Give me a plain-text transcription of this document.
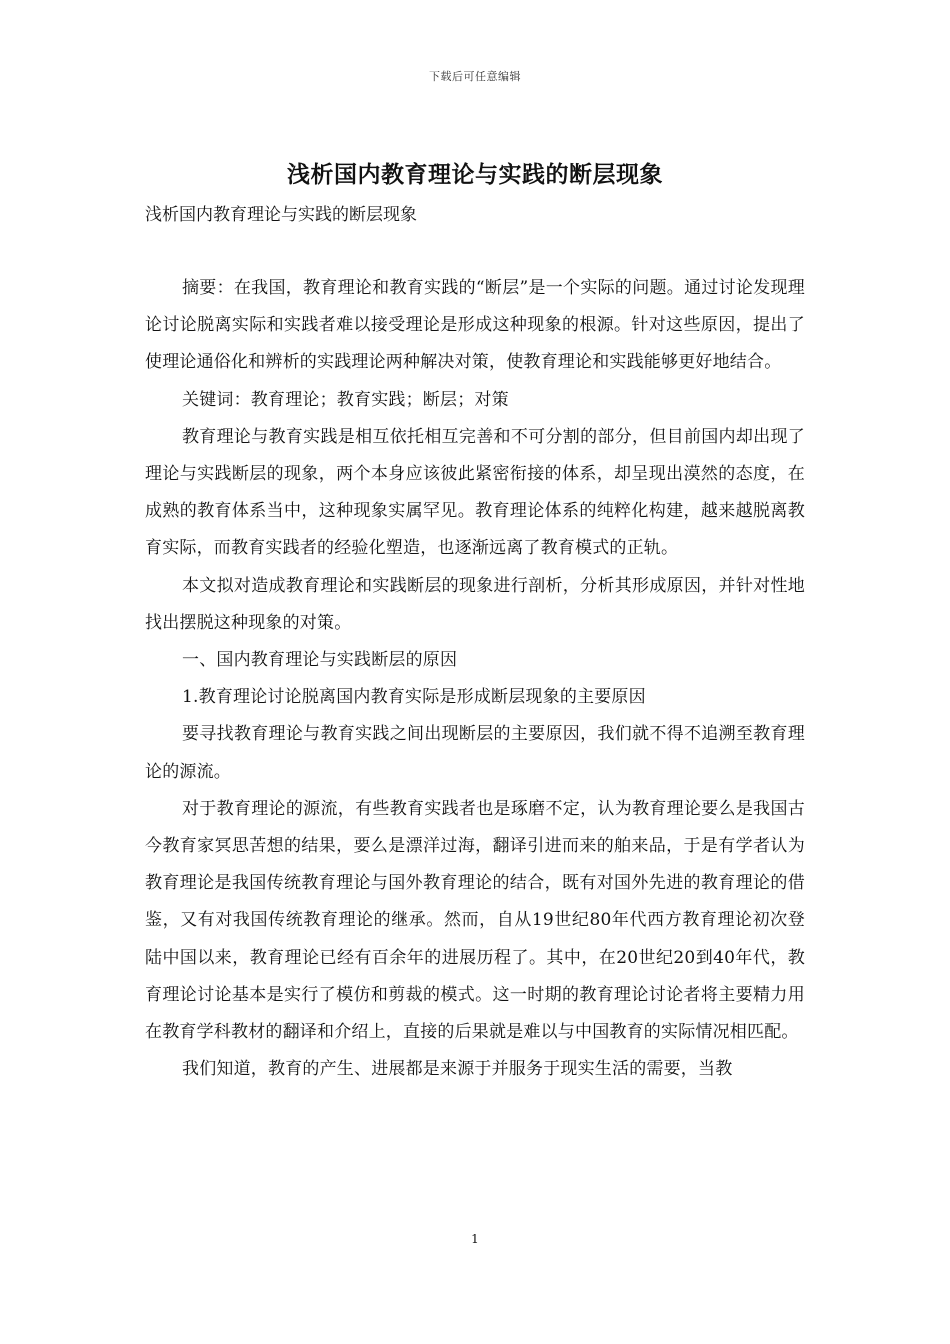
下载后可任意编辑
浅析国内教育理论与实践的断层现象

浅析国内教育理论与实践的断层现象

摘要：在我国，教育理论和教育实践的“断层”是一个实际的问题。通过讨论发现理论讨论脱离实际和实践者难以接受理论是形成这种现象的根源。针对这些原因，提出了使理论通俗化和辨析的实践理论两种解决对策，使教育理论和实践能够更好地结合。

关键词：教育理论；教育实践；断层；对策

教育理论与教育实践是相互依托相互完善和不可分割的部分，但目前国内却出现了理论与实践断层的现象，两个本身应该彼此紧密衔接的体系，却呈现出漠然的态度，在成熟的教育体系当中，这种现象实属罕见。教育理论体系的纯粹化构建，越来越脱离教育实际，而教育实践者的经验化塑造，也逐渐远离了教育模式的正轨。

本文拟对造成教育理论和实践断层的现象进行剖析，分析其形成原因，并针对性地找出摆脱这种现象的对策。

一、国内教育理论与实践断层的原因

1.教育理论讨论脱离国内教育实际是形成断层现象的主要原因

要寻找教育理论与教育实践之间出现断层的主要原因，我们就不得不追溯至教育理论的源流。

对于教育理论的源流，有些教育实践者也是琢磨不定，认为教育理论要么是我国古今教育家冥思苦想的结果，要么是漂洋过海，翻译引进而来的舶来品，于是有学者认为教育理论是我国传统教育理论与国外教育理论的结合，既有对国外先进的教育理论的借鉴，又有对我国传统教育理论的继承。然而，自从19世纪80年代西方教育理论初次登陆中国以来，教育理论已经有百余年的进展历程了。其中，在20世纪20到40年代，教育理论讨论基本是实行了模仿和剪裁的模式。这一时期的教育理论讨论者将主要精力用在教育学科教材的翻译和介绍上，直接的后果就是难以与中国教育的实际情况相匹配。

我们知道，教育的产生、进展都是来源于并服务于现实生活的需要，当教

1
